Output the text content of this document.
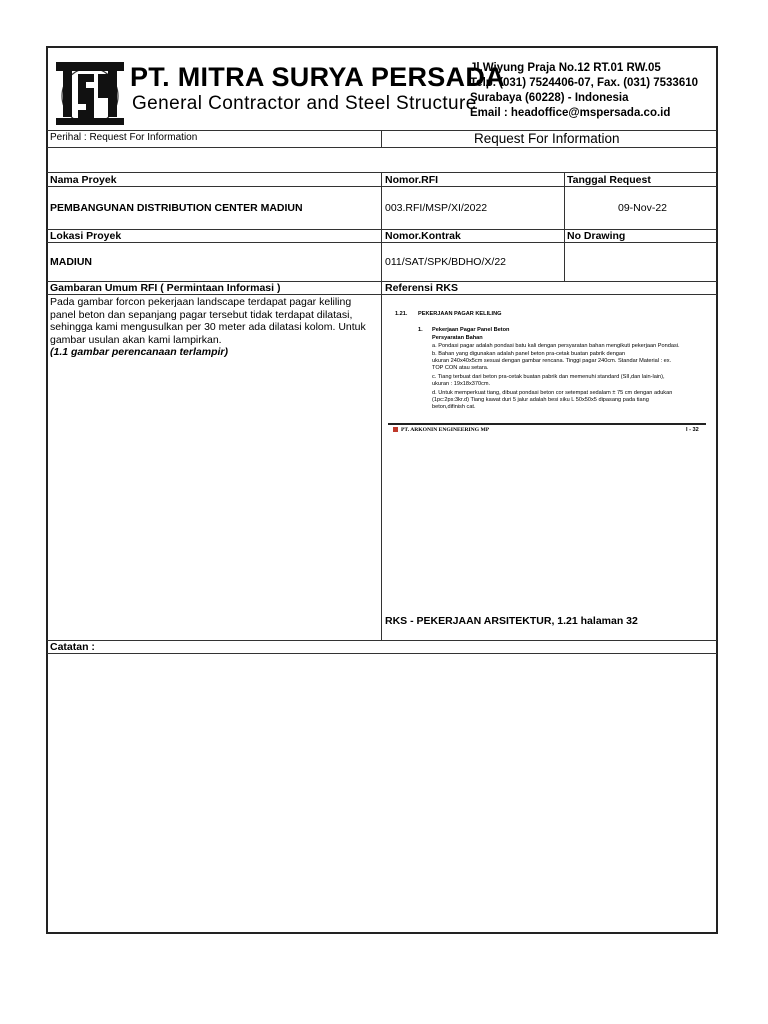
PT. MITRA SURYA PERSADA
General Contractor and Steel Structure
Jl.Wiyung Praja No.12 RT.01 RW.05
Telp. (031) 7524406-07, Fax. (031) 7533610
Surabaya (60228) - Indonesia
Email : headoffice@mspersada.co.id
Perihal : Request For Information	Request For Information
Nama Proyek	Nomor.RFI	Tanggal Request
PEMBANGUNAN DISTRIBUTION CENTER MADIUN	003.RFI/MSP/XI/2022	09-Nov-22
Lokasi Proyek	Nomor.Kontrak	No Drawing
MADIUN	011/SAT/SPK/BDHO/X/22
Gambaran Umum RFI ( Permintaan Informasi )	Referensi RKS
Pada gambar forcon pekerjaan landscape terdapat pagar keliling
panel beton dan sepanjang pagar tersebut tidak terdapat dilatasi,
sehingga kami mengusulkan per 30 meter ada dilatasi kolom. Untuk
gambar usulan akan kami lampirkan.
(1.1 gambar perencanaan terlampir)
1.21. PEKERJAAN PAGAR KELILING
1. Pekerjaan Pagar Panel Beton
Persyaratan Bahan
a. Pondasi pagar adalah pondasi batu kali dengan persyaratan bahan mengikuti pekerjaan Pondasi.
b. Bahan yang digunakan adalah panel beton pra-cetak buatan pabrik dengan
ukuran 240x40x5cm sesuai dengan gambar rencana. Tinggi pagar 240cm. Standar Material : ex.
TOP CON atau setara.
c. Tiang terbuat dari beton pra-cetak buatan pabrik dan memenuhi standard (SII,dan lain-lain),
ukuran : 19x18x370cm.
d. Untuk memperkuat tiang, dibuat pondasi beton cor setempat sedalam ± 75 cm dengan adukan
(1pc:2ps:3kr.d) Tiang kawat duri 5 jalur adalah besi siku L 50x50x5 dipasang pada tiang
beton,difinish cat.
PT. ARKONIN ENGINEERING MP	I - 32
RKS - PEKERJAAN ARSITEKTUR, 1.21 halaman 32
Catatan :
